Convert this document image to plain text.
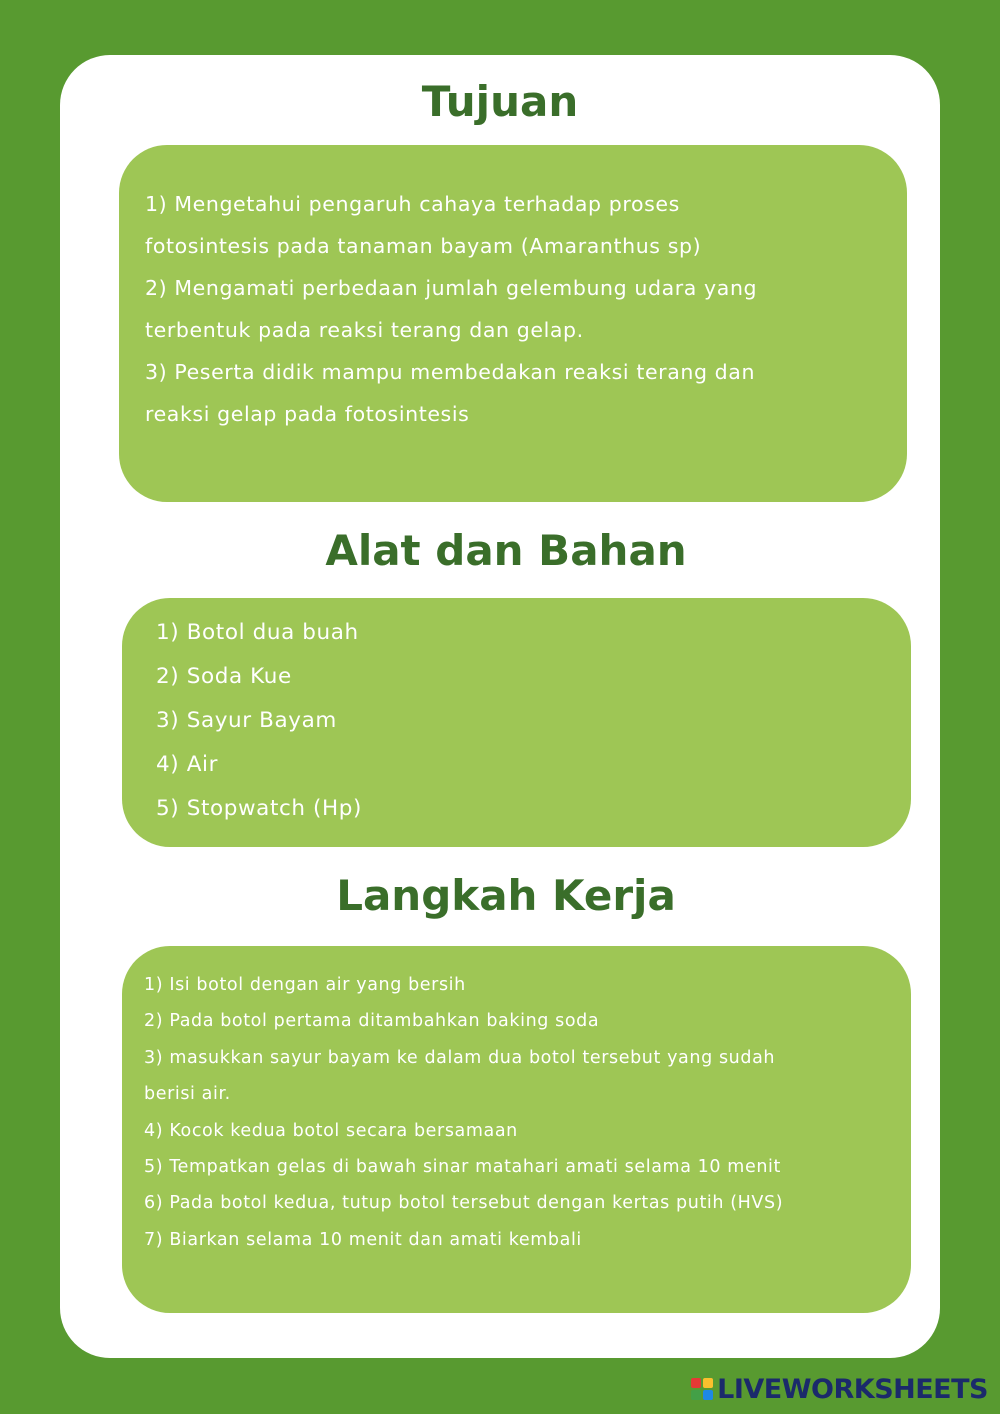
Tujuan
1) Mengetahui pengaruh cahaya terhadap proses
fotosintesis pada tanaman bayam (Amaranthus sp)
2) Mengamati perbedaan jumlah gelembung udara yang
terbentuk pada reaksi terang dan gelap.
3) Peserta didik mampu membedakan reaksi terang dan
reaksi gelap pada fotosintesis
Alat dan Bahan
1) Botol dua buah
2) Soda Kue
3) Sayur Bayam
4) Air
5) Stopwatch (Hp)
Langkah Kerja
1) Isi botol dengan air yang bersih
2) Pada botol pertama ditambahkan baking soda
3) masukkan sayur bayam ke dalam dua botol tersebut yang sudah
berisi air.
4) Kocok kedua botol secara bersamaan
5) Tempatkan gelas di bawah sinar matahari amati selama 10 menit
6) Pada botol kedua, tutup botol tersebut dengan kertas putih (HVS)
7) Biarkan selama 10 menit dan amati kembali
LIVEWORKSHEETS
